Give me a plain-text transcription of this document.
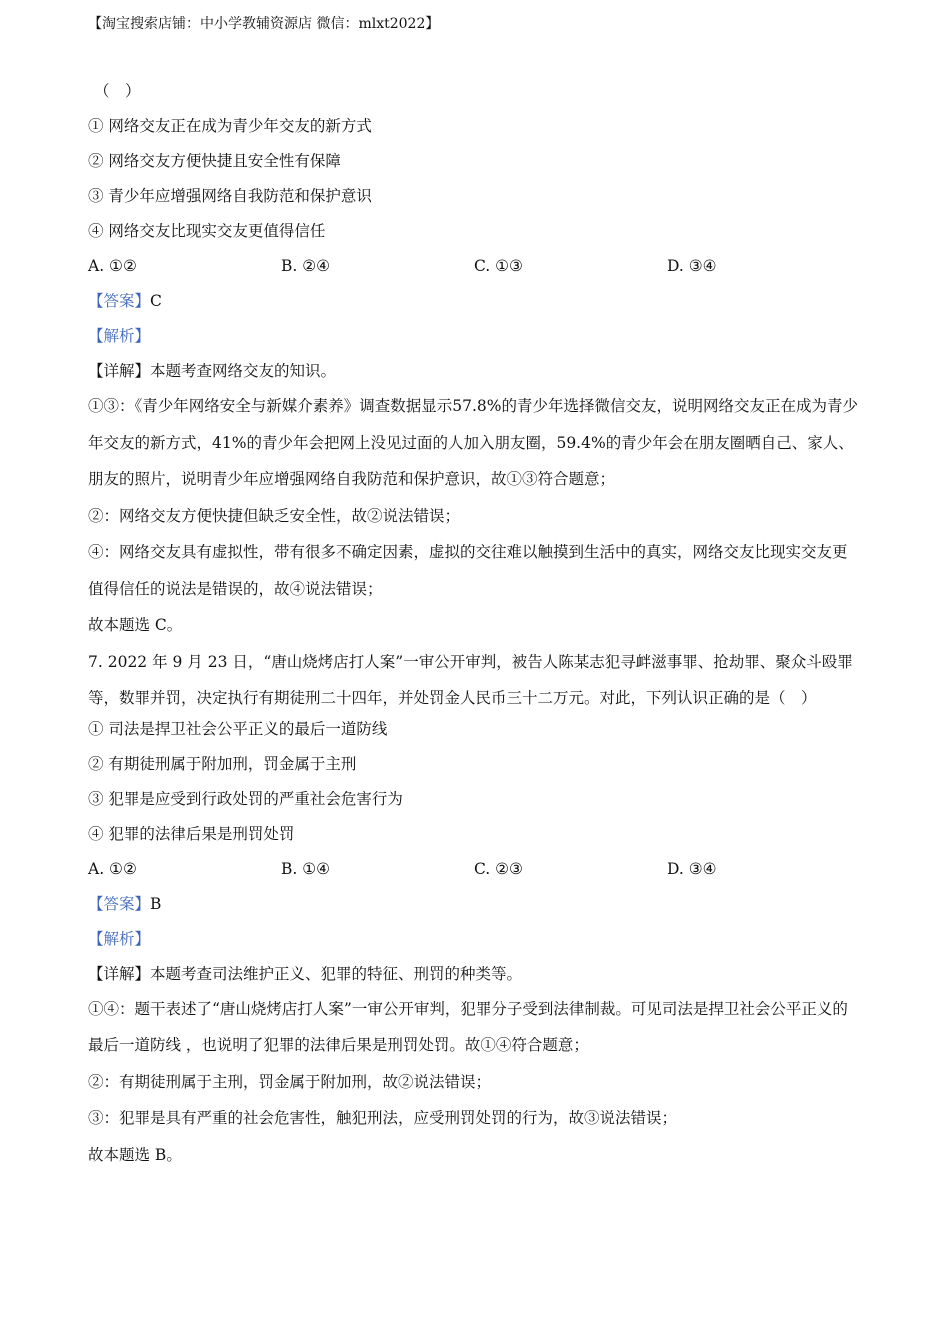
【淘宝搜索店铺：中小学教辅资源店 微信：mlxt2022】
（　）
① 网络交友正在成为青少年交友的新方式
② 网络交友方便快捷且安全性有保障
③ 青少年应增强网络自我防范和保护意识
④ 网络交友比现实交友更值得信任
A. ①②	B. ②④	C. ①③	D. ③④
【答案】C
【解析】
【详解】本题考查网络交友的知识。
①③：《青少年网络安全与新媒介素养》调查数据显示57.8%的青少年选择微信交友，说明网络交友正在成为青少年交友的新方式，41%的青少年会把网上没见过面的人加入朋友圈，59.4%的青少年会在朋友圈晒自己、家人、朋友的照片，说明青少年应增强网络自我防范和保护意识，故①③符合题意；
②：网络交友方便快捷但缺乏安全性，故②说法错误；
④：网络交友具有虚拟性，带有很多不确定因素，虚拟的交往难以触摸到生活中的真实，网络交友比现实交友更值得信任的说法是错误的，故④说法错误；
故本题选 C。
7. 2022 年 9 月 23 日，“唐山烧烤店打人案”一审公开审判，被告人陈某志犯寻衅滋事罪、抢劫罪、聚众斗殴罪等，数罪并罚，决定执行有期徒刑二十四年，并处罚金人民币三十二万元。对此，下列认识正确的是（　）
① 司法是捍卫社会公平正义的最后一道防线
② 有期徒刑属于附加刑，罚金属于主刑
③ 犯罪是应受到行政处罚的严重社会危害行为
④ 犯罪的法律后果是刑罚处罚
A. ①②	B. ①④	C. ②③	D. ③④
【答案】B
【解析】
【详解】本题考查司法维护正义、犯罪的特征、刑罚的种类等。
①④：题干表述了“唐山烧烤店打人案”一审公开审判，犯罪分子受到法律制裁。可见司法是捍卫社会公平正义的最后一道防线 ，也说明了犯罪的法律后果是刑罚处罚。故①④符合题意；
②：有期徒刑属于主刑，罚金属于附加刑，故②说法错误；
③：犯罪是具有严重的社会危害性，触犯刑法，应受刑罚处罚的行为，故③说法错误；
故本题选 B。
